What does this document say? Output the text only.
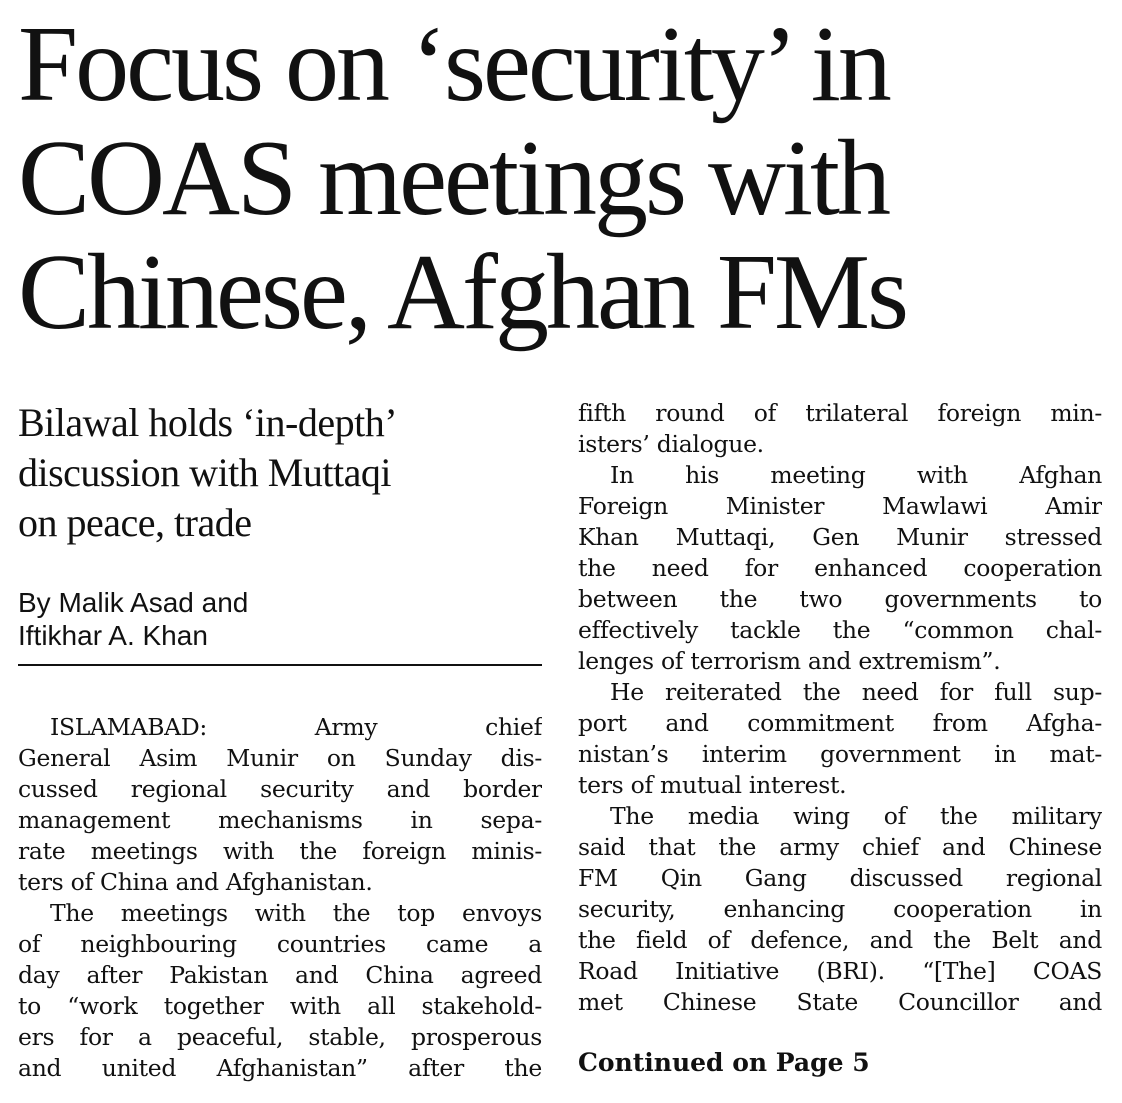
Focus on ‘security’ in
COAS meetings with
Chinese, Afghan FMs
Bilawal holds ‘in-depth’
discussion with Muttaqi
on peace, trade
By Malik Asad and
Iftikhar A. Khan
ISLAMABAD: Army chief
General Asim Munir on Sunday dis-
cussed regional security and border
management mechanisms in sepa-
rate meetings with the foreign minis-
ters of China and Afghanistan.
The meetings with the top envoys
of neighbouring countries came a
day after Pakistan and China agreed
to “work together with all stakehold-
ers for a peaceful, stable, prosperous
and united Afghanistan” after the
fifth round of trilateral foreign min-
isters’ dialogue.
In his meeting with Afghan
Foreign Minister Mawlawi Amir
Khan Muttaqi, Gen Munir stressed
the need for enhanced cooperation
between the two governments to
effectively tackle the “common chal-
lenges of terrorism and extremism”.
He reiterated the need for full sup-
port and commitment from Afgha-
nistan’s interim government in mat-
ters of mutual interest.
The media wing of the military
said that the army chief and Chinese
FM Qin Gang discussed regional
security, enhancing cooperation in
the field of defence, and the Belt and
Road Initiative (BRI). “[The] COAS
met Chinese State Councillor and
Continued on Page 5
